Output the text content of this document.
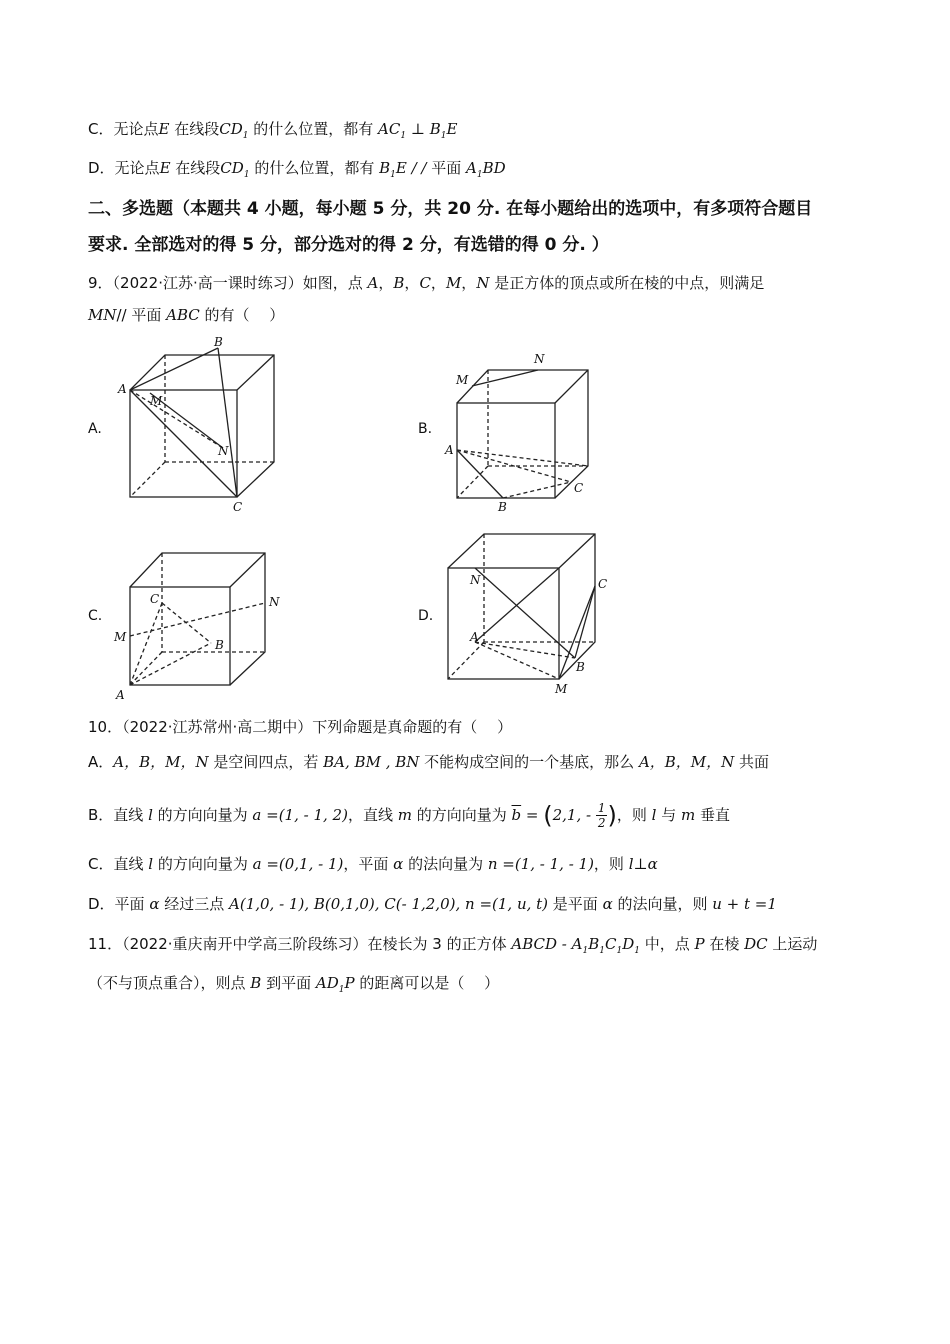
C．无论点E 在线段$CD_1$ 的什么位置，都有 $AC_1$ ⊥ $B_1E$
D．无论点E 在线段$CD_1$ 的什么位置，都有 $B_1E$ / / 平面 $A_1BD$
二、多选题（本题共 4 小题，每小题 5 分，共 20 分. 在每小题给出的选项中，有多项符合题目
要求. 全部选对的得 5 分，部分选对的得 2 分，有选错的得 0 分. ）
9．（2022·江苏·高一课时练习）如图，点 A，B，C，M，N 是正方体的顶点或所在棱的中点，则满足
MN// 平面 ABC 的有（　 ）
A.	B.
C.	D.
A
B
C
M
N	A
B
C
M
N
C
B
M
N
A
N
A
C
B
M
10．（2022·江苏常州·高二期中）下列命题是真命题的有（　 ）
A．A，B，M，N 是空间四点，若 BA, BM , BN 不能构成空间的一个基底，那么 A，B，M，N 共面
B．直线 l 的方向向量为 a =(1, - 1, 2)，直线 m 的方向向量为 $\overline{b} = (2,1$, - $\frac{1}{2}$ )，则 l 与 m 垂直
C．直线 l 的方向向量为 a =(0,1, - 1)，平面 α 的法向量为 n =(1, - 1, - 1)，则 l⊥α
D．平面 α 经过三点 A(1,0, - 1), B(0,1,0), C(- 1,2,0), n =(1, u, t) 是平面 α 的法向量，则 u + t =1
11．（2022·重庆南开中学高三阶段练习）在棱长为 3 的正方体 ABCD - $A_1B_1C_1D_1$ 中，点 P 在棱 DC 上运动
（不与顶点重合），则点 B 到平面 $AD_1P$ 的距离可以是（　 ）
